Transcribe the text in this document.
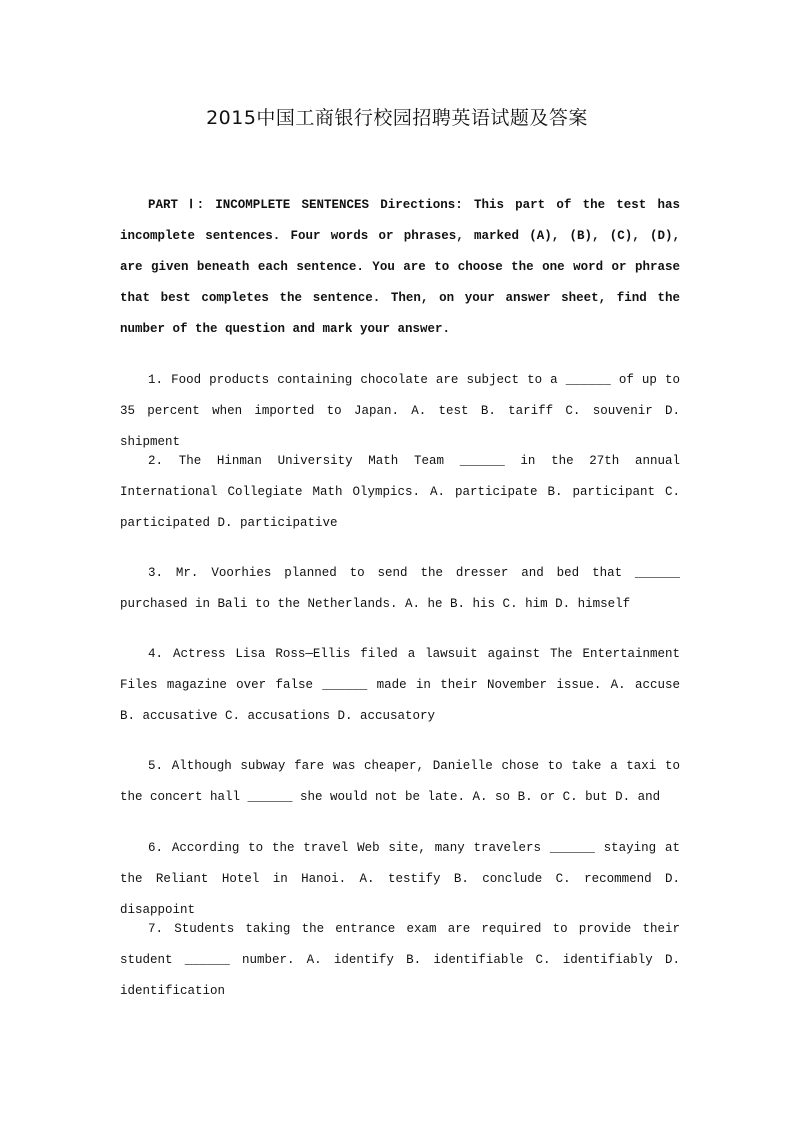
2015中国工商银行校园招聘英语试题及答案
PART Ⅰ: INCOMPLETE SENTENCES Directions: This part of the test has incomplete sentences. Four words or phrases, marked (A), (B), (C), (D), are given beneath each sentence. You are to choose the one word or phrase that best completes the sentence. Then, on your answer sheet, find the number of the question and mark your answer.
1. Food products containing chocolate are subject to a ______ of up to 35 percent when imported to Japan. A. test B. tariff C. souvenir D. shipment
2. The Hinman University Math Team ______ in the 27th annual International Collegiate Math Olympics. A. participate B. participant C. participated D. participative
3. Mr. Voorhies planned to send the dresser and bed that ______ purchased in Bali to the Netherlands. A. he B. his C. him D. himself
4. Actress Lisa Ross—Ellis filed a lawsuit against The Entertainment Files magazine over false ______ made in their November issue. A. accuse B. accusative C. accusations D. accusatory
5. Although subway fare was cheaper, Danielle chose to take a taxi to the concert hall ______ she would not be late. A. so B. or C. but D. and
6. According to the travel Web site, many travelers ______ staying at the Reliant Hotel in Hanoi. A. testify B. conclude C. recommend D. disappoint
7. Students taking the entrance exam are required to provide their student ______ number. A. identify B. identifiable C. identifiably D. identification
